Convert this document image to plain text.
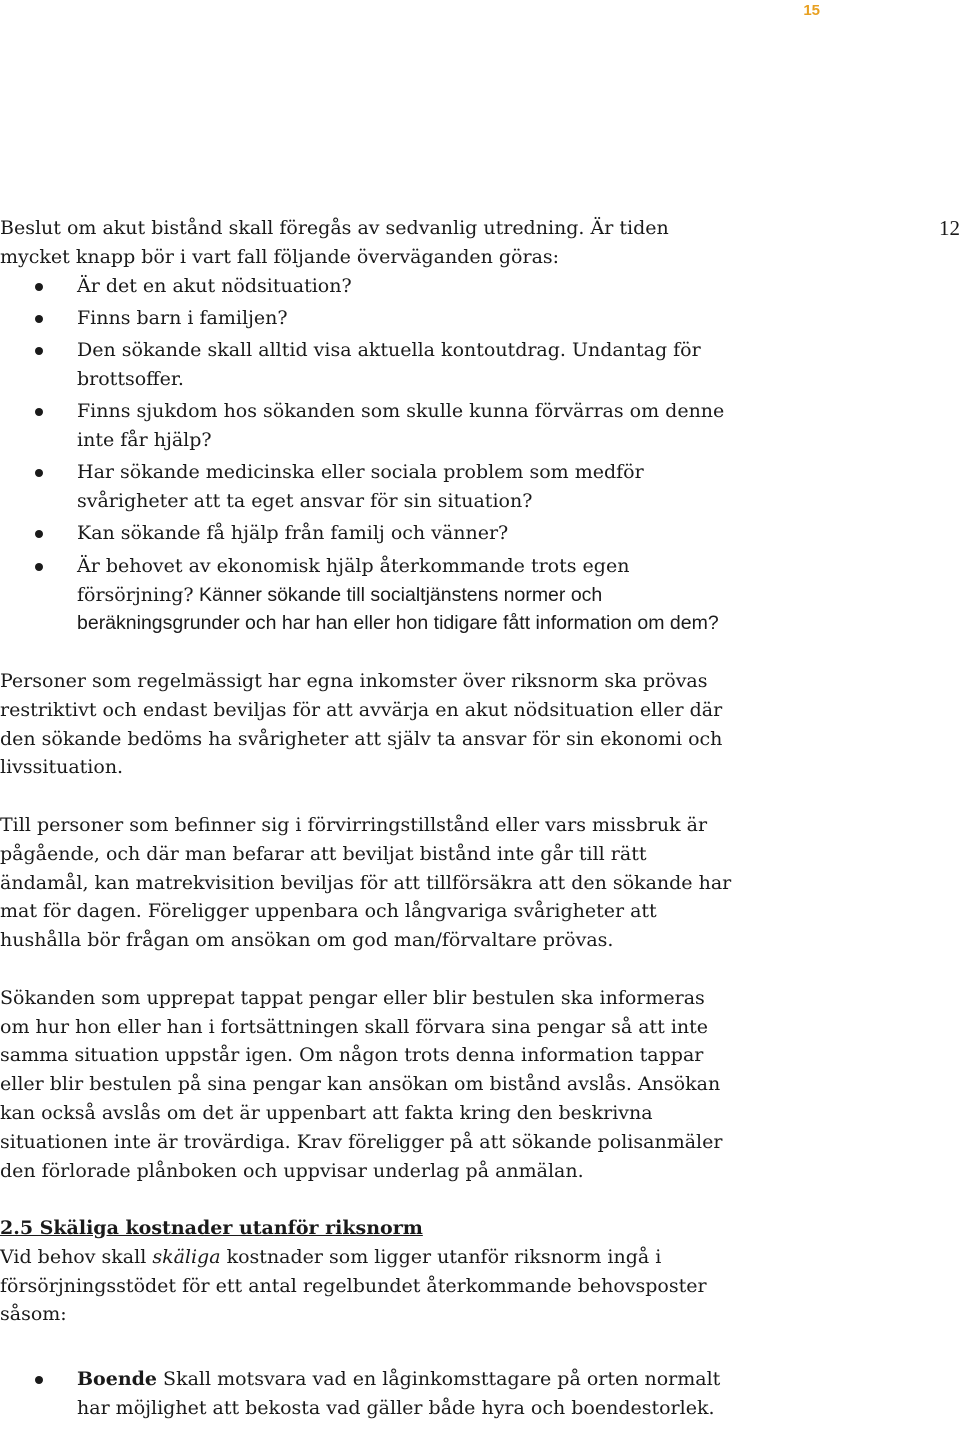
15
12

Beslut om akut bistånd skall föregås av sedvanlig utredning. Är tiden mycket knapp bör i vart fall följande överväganden göras:

Är det en akut nödsituation?
Finns barn i familjen?
Den sökande skall alltid visa aktuella kontoutdrag. Undantag för brottsoffer.
Finns sjukdom hos sökanden som skulle kunna förvärras om denne inte får hjälp?
Har sökande medicinska eller sociala problem som medför svårigheter att ta eget ansvar för sin situation?
Kan sökande få hjälp från familj och vänner?
Är behovet av ekonomisk hjälp återkommande trots egen försörjning? Känner sökande till socialtjänstens normer och beräkningsgrunder och har han eller hon tidigare fått information om dem?

Personer som regelmässigt har egna inkomster över riksnorm ska prövas restriktivt och endast beviljas för att avvärja en akut nödsituation eller där den sökande bedöms ha svårigheter att själv ta ansvar för sin ekonomi och livssituation.

Till personer som befinner sig i förvirringstillstånd eller vars missbruk är pågående, och där man befarar att beviljat bistånd inte går till rätt ändamål, kan matrekvisition beviljas för att tillförsäkra att den sökande har mat för dagen. Föreligger uppenbara och långvariga svårigheter att hushålla bör frågan om ansökan om god man/förvaltare prövas.

Sökanden som upprepat tappat pengar eller blir bestulen ska informeras om hur hon eller han i fortsättningen skall förvara sina pengar så att inte samma situation uppstår igen. Om någon trots denna information tappar eller blir bestulen på sina pengar kan ansökan om bistånd avslås. Ansökan kan också avslås om det är uppenbart att fakta kring den beskrivna situationen inte är trovärdiga. Krav föreligger på att sökande polisanmäler den förlorade plånboken och uppvisar underlag på anmälan.

2.5 Skäliga kostnader utanför riksnorm

Vid behov skall skäliga kostnader som ligger utanför riksnorm ingå i försörjningsstödet för ett antal regelbundet återkommande behovsposter såsom:

Boende Skall motsvara vad en låginkomsttagare på orten normalt har möjlighet att bekosta vad gäller både hyra och boendestorlek.
